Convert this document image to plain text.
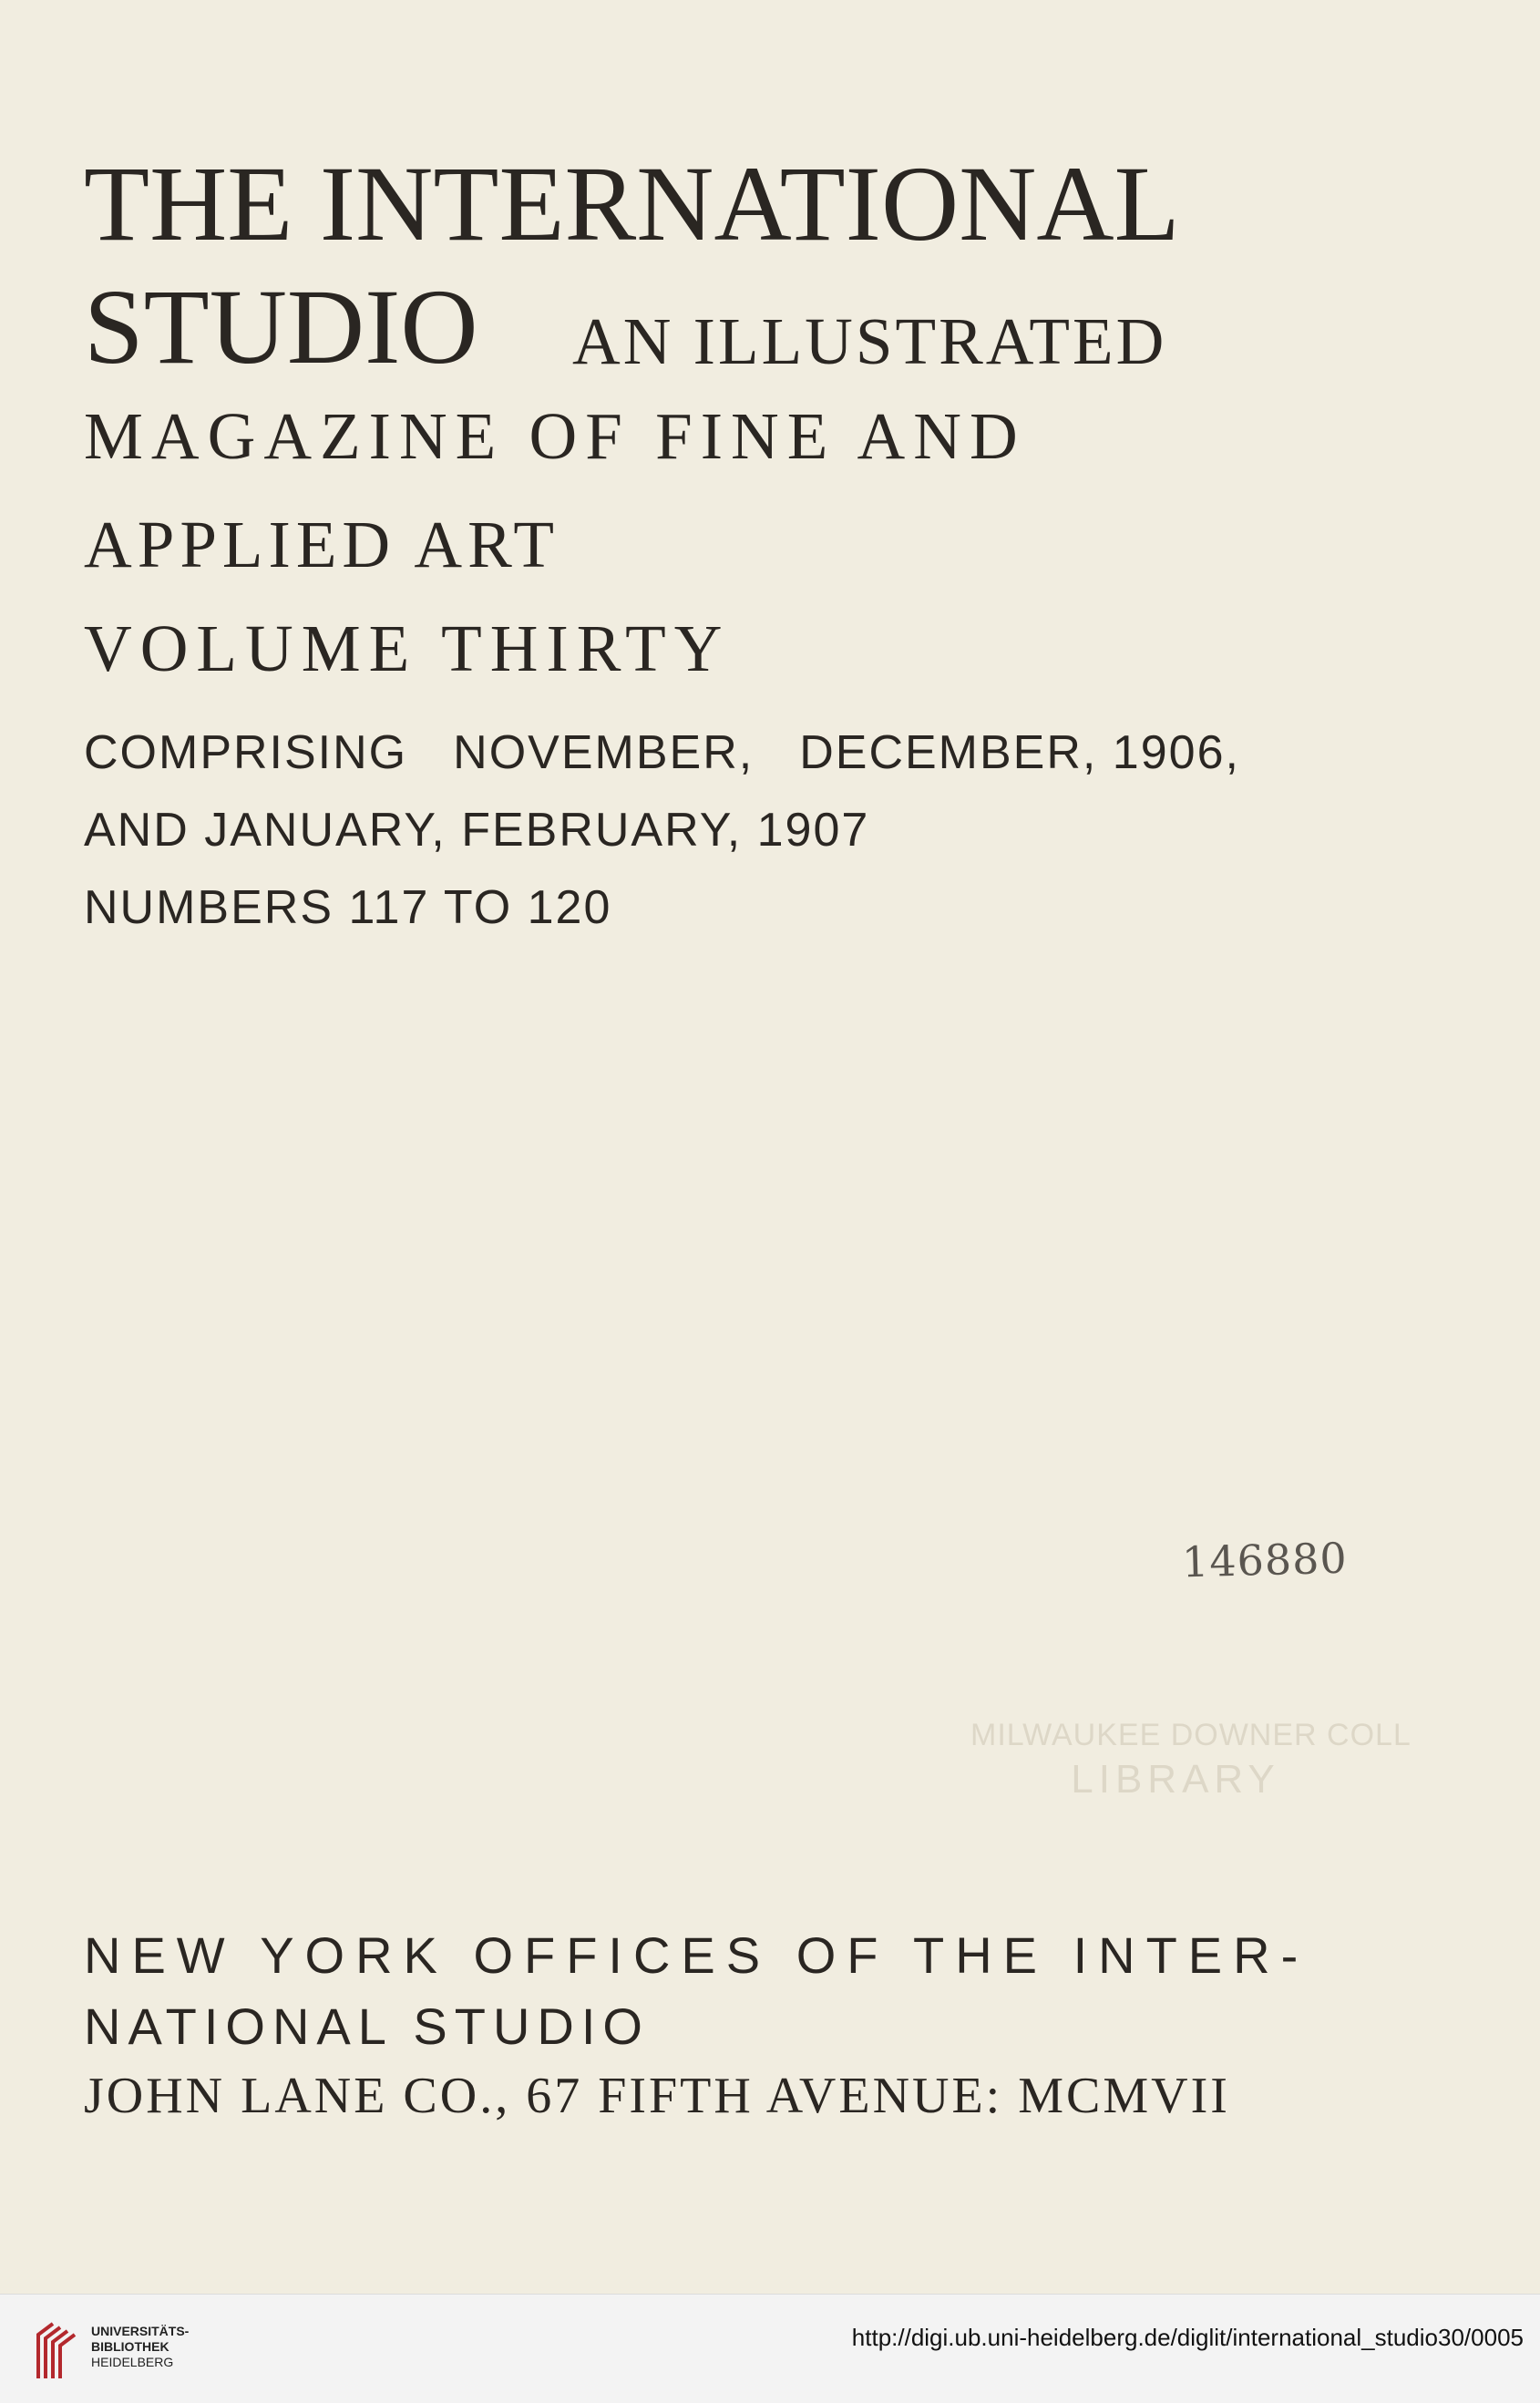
THE INTERNATIONAL
STUDIO AN ILLUSTRATED
MAGAZINE OF FINE AND
APPLIED ART
VOLUME THIRTY
COMPRISING NOVEMBER, DECEMBER, 1906,
AND JANUARY, FEBRUARY, 1907
NUMBERS 117 TO 120
146880
MILWAUKEE DOWNER COLL
LIBRARY
NEW YORK OFFICES OF THE INTER-
NATIONAL STUDIO
JOHN LANE CO., 67 FIFTH AVENUE: MCMVII
UNIVERSITÄTS-
BIBLIOTHEK
HEIDELBERG
http://digi.ub.uni-heidelberg.de/diglit/international_studio30/0005
